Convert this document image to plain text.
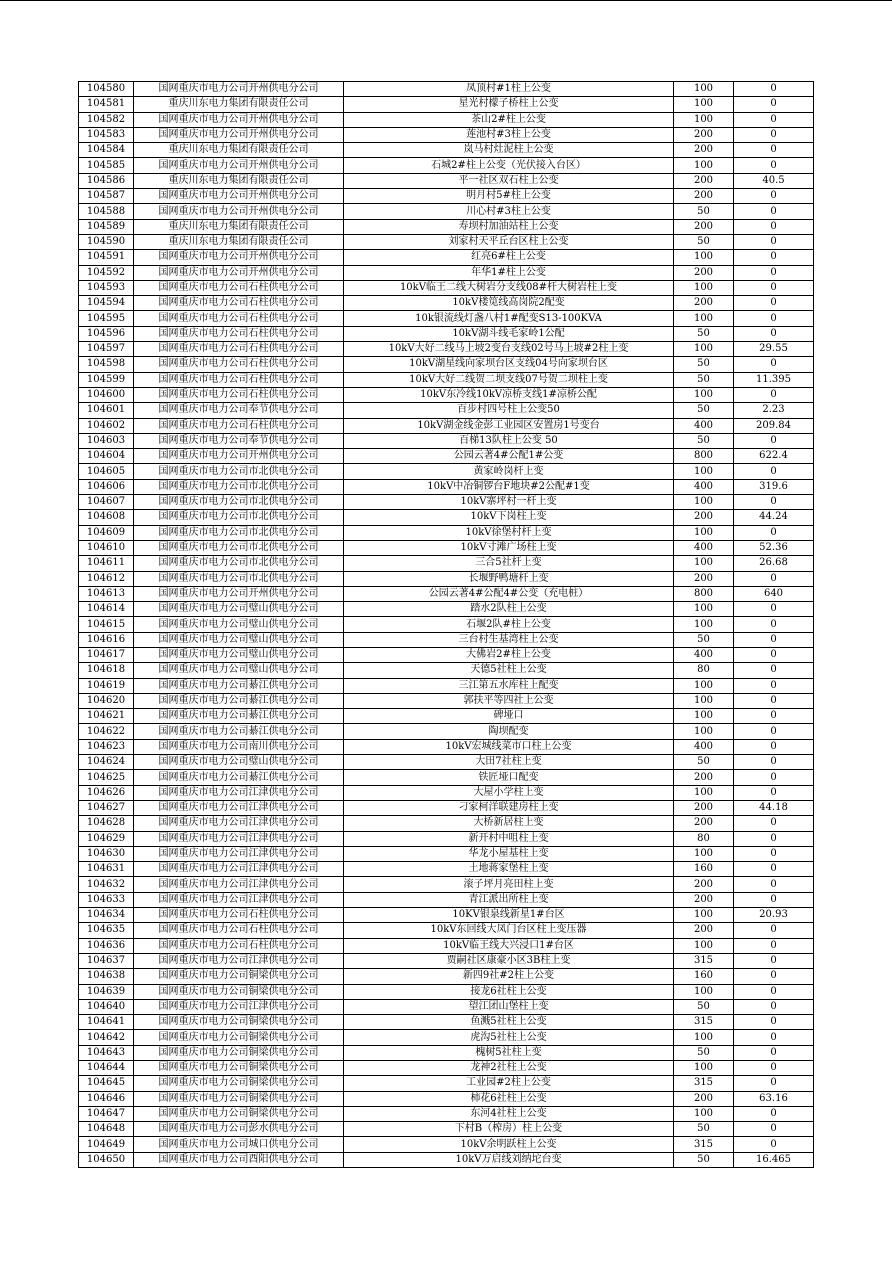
104580	国网重庆市电力公司开州供电分公司	凤顶村#1柱上公变	100	0
104581	重庆川东电力集团有限责任公司	星光村檬子桥柱上公变	100	0
104582	国网重庆市电力公司开州供电分公司	茶山2#柱上公变	100	0
104583	国网重庆市电力公司开州供电分公司	莲池村#3柱上公变	200	0
104584	重庆川东电力集团有限责任公司	岚马村灶泥柱上公变	200	0
104585	国网重庆市电力公司开州供电分公司	石城2#柱上公变（光伏接入台区）	100	0
104586	重庆川东电力集团有限责任公司	平一社区双石柱上公变	200	40.5
104587	国网重庆市电力公司开州供电分公司	明月村5#柱上公变	200	0
104588	国网重庆市电力公司开州供电分公司	川心村#3柱上公变	50	0
104589	重庆川东电力集团有限责任公司	寿坝村加油站柱上公变	200	0
104590	重庆川东电力集团有限责任公司	刘家村天平丘台区柱上公变	50	0
104591	国网重庆市电力公司开州供电分公司	红亮6#柱上公变	100	0
104592	国网重庆市电力公司开州供电分公司	年华1#柱上公变	200	0
104593	国网重庆市电力公司石柱供电分公司	10kV临王二线大树岩分支线08#杆大树岩柱上变	100	0
104594	国网重庆市电力公司石柱供电分公司	10kV楼笕线高岗院2配变	200	0
104595	国网重庆市电力公司石柱供电分公司	10k银流线灯盏八村1#配变S13-100KVA	100	0
104596	国网重庆市电力公司石柱供电分公司	10kV湖斗线毛家岭1公配	50	0
104597	国网重庆市电力公司石柱供电分公司	10kV大好二线马上坡2变台支线02号马上坡#2柱上变	100	29.55
104598	国网重庆市电力公司石柱供电分公司	10kV湖星线向家坝台区支线04号向家坝台区	50	0
104599	国网重庆市电力公司石柱供电分公司	10kV大好二线贺二坝支线07号贺二坝柱上变	50	11.395
104600	国网重庆市电力公司石柱供电分公司	10kV东冷线10kV凉桥支线1#凉桥公配	100	0
104601	国网重庆市电力公司奉节供电分公司	百步村四号柱上公变50	50	2.23
104602	国网重庆市电力公司石柱供电分公司	10kV湖金线金彭工业园区安置房1号变台	400	209.84
104603	国网重庆市电力公司奉节供电分公司	百梯13队柱上公变 50	50	0
104604	国网重庆市电力公司开州供电分公司	公园云著4#公配1#公变	800	622.4
104605	国网重庆市电力公司市北供电分公司	黄家岭岗杆上变	100	0
104606	国网重庆市电力公司市北供电分公司	10kV中冶铜锣台F地块#2公配#1变	400	319.6
104607	国网重庆市电力公司市北供电分公司	10kV寨坪村一杆上变	100	0
104608	国网重庆市电力公司市北供电分公司	10kV下岗柱上变	200	44.24
104609	国网重庆市电力公司市北供电分公司	10kV徐堡村杆上变	100	0
104610	国网重庆市电力公司市北供电分公司	10kV寸滩广场柱上变	400	52.36
104611	国网重庆市电力公司市北供电分公司	三合5社杆上变	100	26.68
104612	国网重庆市电力公司市北供电分公司	长堰野鸭塘杆上变	200	0
104613	国网重庆市电力公司开州供电分公司	公园云著4#公配4#公变（充电桩）	800	640
104614	国网重庆市电力公司璧山供电分公司	踏水2队柱上公变	100	0
104615	国网重庆市电力公司璧山供电分公司	石堰2队#柱上公变	100	0
104616	国网重庆市电力公司璧山供电分公司	三台村生基湾柱上公变	50	0
104617	国网重庆市电力公司璧山供电分公司	大佛岩2#柱上公变	400	0
104618	国网重庆市电力公司璧山供电分公司	天德5社柱上公变	80	0
104619	国网重庆市电力公司綦江供电分公司	三江第五水库柱上配变	100	0
104620	国网重庆市电力公司綦江供电分公司	郭扶平等四社上公变	100	0
104621	国网重庆市电力公司綦江供电分公司	碑垭口	100	0
104622	国网重庆市电力公司綦江供电分公司	陶坝配变	100	0
104623	国网重庆市电力公司南川供电分公司	10kV宏城线菜市口柱上公变	400	0
104624	国网重庆市电力公司璧山供电分公司	大田7社柱上变	50	0
104625	国网重庆市电力公司綦江供电分公司	铁匠垭口配变	200	0
104626	国网重庆市电力公司江津供电分公司	大屋小学柱上变	100	0
104627	国网重庆市电力公司江津供电分公司	刁家柯洋联建房柱上变	200	44.18
104628	国网重庆市电力公司江津供电分公司	大桥新居柱上变	200	0
104629	国网重庆市电力公司江津供电分公司	新开村中咀柱上变	80	0
104630	国网重庆市电力公司江津供电分公司	华龙小屋基柱上变	100	0
104631	国网重庆市电力公司江津供电分公司	土地蒋家堡柱上变	160	0
104632	国网重庆市电力公司江津供电分公司	滚子坪月亮田柱上变	200	0
104633	国网重庆市电力公司江津供电分公司	青江派出所柱上变	200	0
104634	国网重庆市电力公司石柱供电分公司	10KV银泉线新星1#台区	100	20.93
104635	国网重庆市电力公司石柱供电分公司	10kV东回线大凤门台区柱上变压器	200	0
104636	国网重庆市电力公司石柱供电分公司	10kV临王线大兴浸口1#台区	100	0
104637	国网重庆市电力公司江津供电分公司	贾嗣社区康豪小区3B柱上变	315	0
104638	国网重庆市电力公司铜梁供电分公司	新四9社#2柱上公变	160	0
104639	国网重庆市电力公司铜梁供电分公司	接龙6社柱上公变	100	0
104640	国网重庆市电力公司江津供电分公司	望江团山堡柱上变	50	0
104641	国网重庆市电力公司铜梁供电分公司	鱼溅5社柱上公变	315	0
104642	国网重庆市电力公司铜梁供电分公司	虎沟5社柱上公变	100	0
104643	国网重庆市电力公司铜梁供电分公司	槐树5社柱上变	50	0
104644	国网重庆市电力公司铜梁供电分公司	龙神2社柱上公变	100	0
104645	国网重庆市电力公司铜梁供电分公司	工业园#2柱上公变	315	0
104646	国网重庆市电力公司铜梁供电分公司	柿花6社柱上公变	200	63.16
104647	国网重庆市电力公司铜梁供电分公司	东河4社柱上公变	100	0
104648	国网重庆市电力公司彭水供电分公司	下村B（榨房）柱上公变	50	0
104649	国网重庆市电力公司城口供电分公司	10kV余明跃柱上公变	315	0
104650	国网重庆市电力公司酉阳供电分公司	10kV万启线刘纳坨台变	50	16.465
